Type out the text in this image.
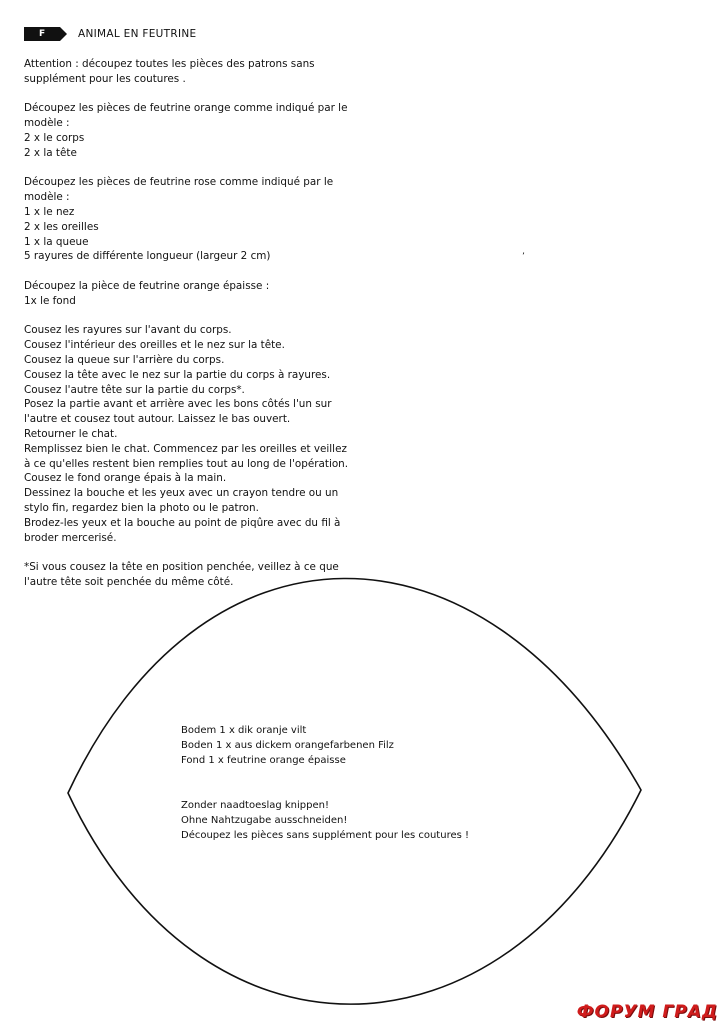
F	ANIMAL EN FEUTRINE
Attention : découpez toutes les pièces des patrons sans
supplément pour les coutures .
Découpez les pièces de feutrine orange comme indiqué par le
modèle :
2 x le corps
2 x la tête
Découpez les pièces de feutrine rose comme indiqué par le
modèle :
1 x le nez
2 x les oreilles
1 x la queue
5 rayures de différente longueur (largeur 2 cm)
Découpez la pièce de feutrine orange épaisse :
1x le fond
Cousez les rayures sur l'avant du corps.
Cousez l'intérieur des oreilles et le nez sur la tête.
Cousez la queue sur l'arrière du corps.
Cousez la tête avec le nez sur la partie du corps à rayures.
Cousez l'autre tête sur la partie du corps*.
Posez la partie avant et arrière avec les bons côtés l'un sur
l'autre et cousez tout autour. Laissez le bas ouvert.
Retourner le chat.
Remplissez bien le chat. Commencez par les oreilles et veillez
à ce qu'elles restent bien remplies tout au long de l'opération.
Cousez le fond orange épais à la main.
Dessinez la bouche et les yeux avec un crayon tendre ou un
stylo fin, regardez bien la photo ou le patron.
Brodez-les yeux et la bouche au point de piqûre avec du fil à
broder mercerisé.
*Si vous cousez la tête en position penchée, veillez à ce que
l'autre tête soit penchée du même côté.
’
Bodem 1 x dik oranje vilt
Boden 1 x aus dickem orangefarbenen Filz
Fond 1 x feutrine orange épaisse
Zonder naadtoeslag knippen!
Ohne Nahtzugabe ausschneiden!
Découpez les pièces sans supplément pour les coutures !
ФОРУМ ГРАД
